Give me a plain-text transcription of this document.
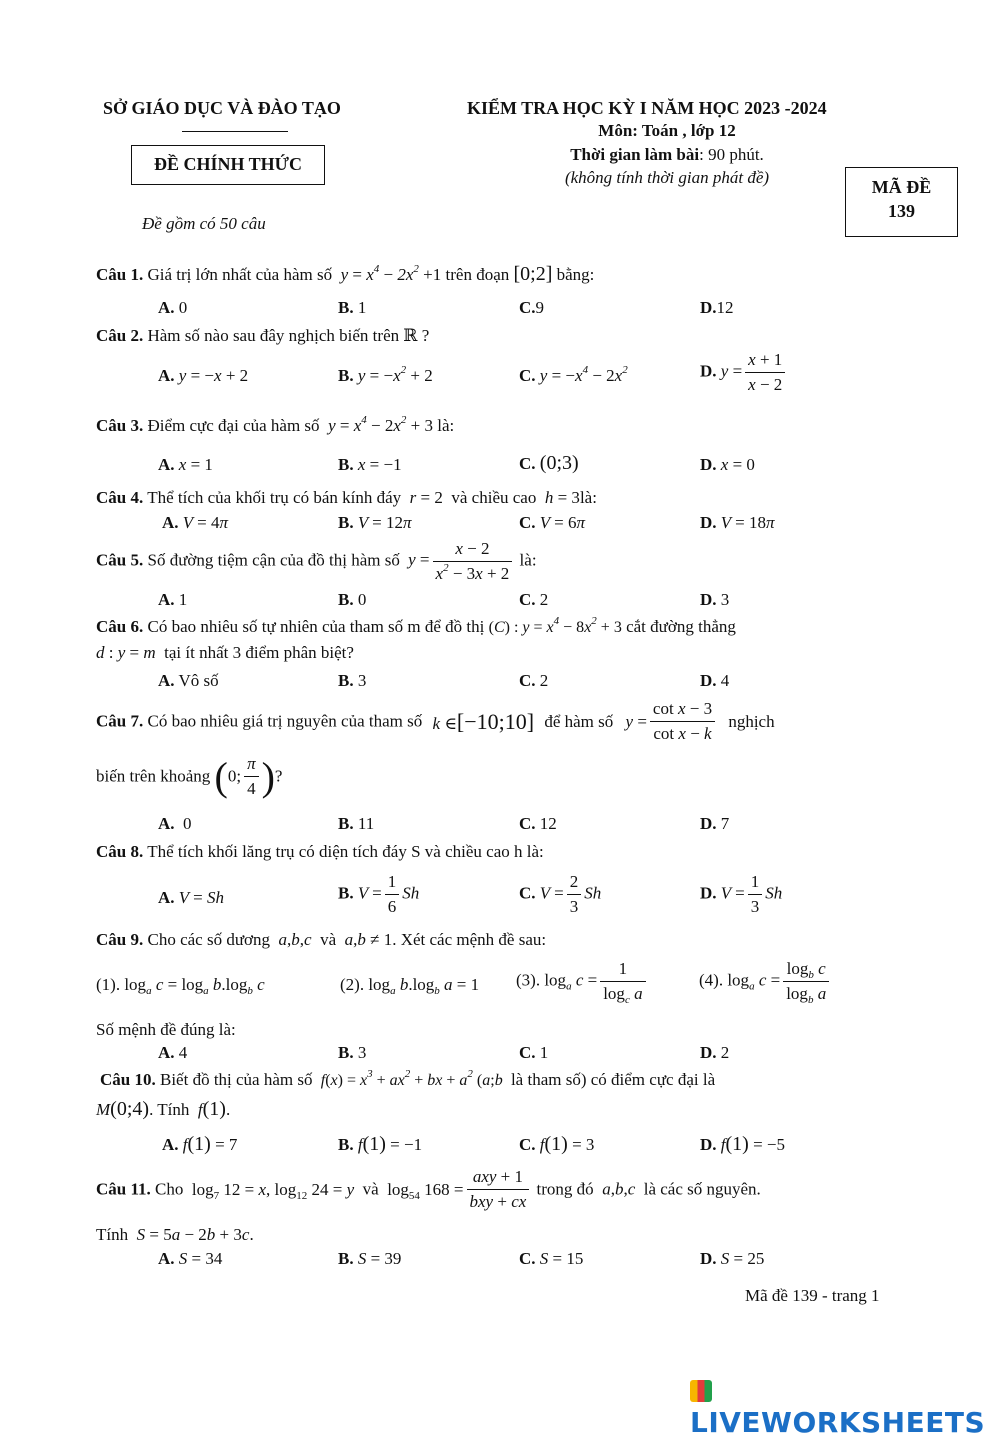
SỞ GIÁO DỤC VÀ ĐÀO TẠO
ĐỀ CHÍNH THỨC
Đề gồm có 50 câu
KIỂM TRA HỌC KỲ I NĂM HỌC 2023 -2024
Môn: Toán , lớp 12
Thời gian làm bài: 90 phút.
(không tính thời gian phát đề)	MÃ ĐỀ
139
Câu 1. Giá trị lớn nhất của hàm số  $y = x^4 - 2x^2 +1$ trên đoạn [0;2] bằng:
A. 0	B. 1	C.9	D.12
Câu 2. Hàm số nào sau đây nghịch biến trên ℝ ?
A. y = −x + 2	B. $y = -x^2 + 2$	C. $y = -x^4 - 2x^2$	D. $y = \frac{x + 1}{x - 2}$
Câu 3. Điểm cực đại của hàm số  $y = x^4 - 2x^2 + 3$ là:
A. x = 1	B. x = −1	C. (0;3)	D. x = 0
Câu 4. Thể tích của khối trụ có bán kính đáy  r = 2 và chiều cao  h = 3là:
A. V = 4π	B. V = 12π	C. V = 6π	D. V = 18π
Câu 5. Số đường tiệm cận của đồ thị hàm số $y = \frac{x - 2}{x^2 - 3x + 2}$ là:
A. 1	B. 0	C. 2	D. 3
Câu 6. Có bao nhiêu số tự nhiên của tham số m để đồ thị (C) : $y = x^4 - 8x^2 + 3$ cắt đường thẳng
d : y = m  tại ít nhất 3 điểm phân biệt?
A. Vô số	B. 3	C. 2	D. 4
Câu 7. Có bao nhiêu giá trị nguyên của tham số k ∈[−10;10] để hàm số $y = \frac{\text{cot x − 3}}{\text{cot x − k}}$ nghịch
biến trên khoảng (0; $\frac{\pi}{4}$ )?
A. 0	B. 11	C. 12	D. 7
Câu 8. Thể tích khối lăng trụ có diện tích đáy S và chiều cao h là:
A. V = Sh	B. $V = \frac{1}{6}$ Sh	C. $V = \frac{2}{3}$ Sh	D. $V = \frac{1}{3}$ Sh
Câu 9. Cho các số dương  a,b,c  và  a,b ≠ 1. Xét các mệnh đề sau:
(1). $\log_a c = \log_a b.\log_b$ c	(2). $\log_a b.\log_b$ a = 1 (3). $\log_a c = \frac{1}{\log_c a}$	(4). $\log_a c = \frac{\log_b c}{\log_b a}$
Số mệnh đề đúng là:
A. 4	B. 3	C. 1	D. 2
Câu 10. Biết đồ thị của hàm số  $f(x) = x^3 + ax^2$ + bx + $a^2$ (a;b  là tham số) có điểm cực đại là
M(0;4). Tính  f(1).
A. f(1) = 7	B. f(1) = −1	C. f(1) = 3	D. f(1) = −5
Câu 11. Cho  $\log_7 12 = x$, $\log_{12} 24 = y$ và  $\log_{54} 168 = \frac{\text{axy + 1}}{\text{bxy + cx}}$ trong đó  a,b,c  là các số nguyên.
Tính  S = 5a − 2b + 3c.
A. S = 34	B. S = 39	C. S = 15	D. S = 25
Mã đề 139 - trang 1
LIVEWORKSHEETS
